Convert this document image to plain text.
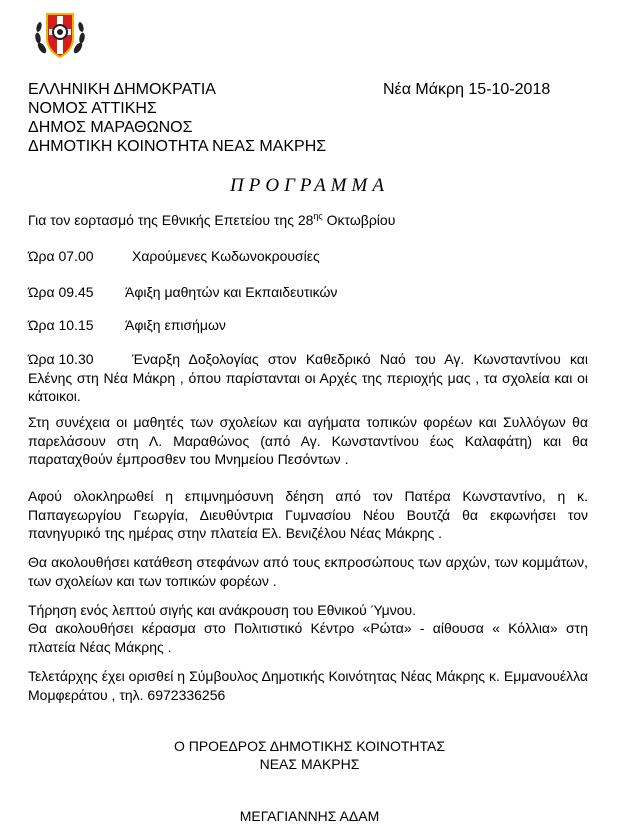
ΕΛΛΗΝΙΚΗ ΔΗΜΟΚΡΑΤΙΑ
ΝΟΜΟΣ ΑΤΤΙΚΗΣ
ΔΗΜΟΣ ΜΑΡΑΘΩΝΟΣ
ΔΗΜΟΤΙΚΗ ΚΟΙΝΟΤΗΤΑ ΝΕΑΣ ΜΑΚΡΗΣ
Νέα Μάκρη 15-10-2018
ΠΡΟΓΡΑΜΜΑ
Για τον εορτασμό της Εθνικής Επετείου της $28^{\eta\varsigma}$ Οκτωβρίου
Ώρα 07.00	Χαρούμενες Κωδωνοκρουσίες
Ώρα 09.45 Άφιξη μαθητών και Εκπαιδευτικών
Ώρα 10.15 Άφιξη επισήμων
Ώρα 10.30	Έναρξη Δοξολογίας στον Καθεδρικό Ναό του Αγ. Κωνσταντίνου και Ελένης στη Νέα Μάκρη , όπου παρίστανται οι Αρχές της περιοχής μας , τα σχολεία και οι κάτοικοι.
Στη συνέχεια οι μαθητές των σχολείων και αγήματα τοπικών φορέων και Συλλόγων θα παρελάσουν στη Λ. Μαραθώνος (από Αγ. Κωνσταντίνου έως Καλαφάτη) και θα παραταχθούν έμπροσθεν του Μνημείου Πεσόντων .
Αφού ολοκληρωθεί η επιμνημόσυνη δέηση από τον Πατέρα Κωνσταντίνο, η κ. Παπαγεωργίου Γεωργία, Διευθύντρια Γυμνασίου Νέου Βουτζά θα εκφωνήσει τον πανηγυρικό της ημέρας στην πλατεία Ελ. Βενιζέλου Νέας Μάκρης .
Θα ακολουθήσει κατάθεση στεφάνων από τους εκπροσώπους των αρχών, των κομμάτων, των σχολείων και των τοπικών φορέων .
Τήρηση ενός λεπτού σιγής και ανάκρουση του Εθνικού Ύμνου.
Θα ακολουθήσει κέρασμα στο Πολιτιστικό Κέντρο «Ρώτα» - αίθουσα « Κόλλια» στη πλατεία Νέας Μάκρης .
Τελετάρχης έχει ορισθεί η Σύμβουλος Δημοτικής Κοινότητας Νέας Μάκρης κ. Εμμανουέλλα Μομφεράτου , τηλ. 6972336256
Ο ΠΡΟΕΔΡΟΣ ΔΗΜΟΤΙΚΗΣ ΚΟΙΝΟΤΗΤΑΣ
ΝΕΑΣ ΜΑΚΡΗΣ
ΜΕΓΑΓΙΑΝΝΗΣ ΑΔΑΜ
